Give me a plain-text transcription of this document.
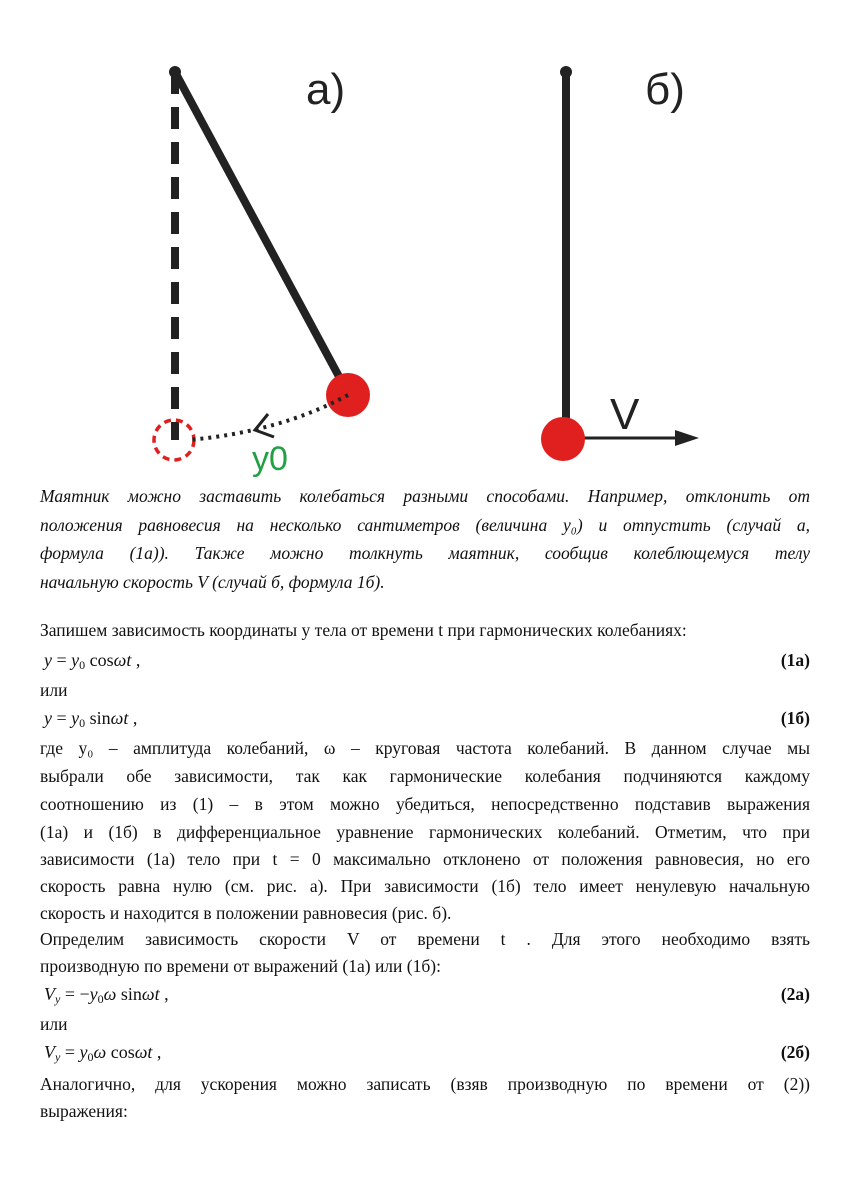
y0
а)
V
б)
Маятник можно заставить колебаться разными способами. Например, отклонить от
положения равновесия на несколько сантиметров (величина y₀) и отпустить (случай а,
формула (1а)). Также можно толкнуть маятник, сообщив колеблющемуся телу
начальную скорость V (случай б, формула 1б).
Запишем зависимость координаты y тела от времени t при гармонических колебаниях:
$y = y_0$ cosωt ,	(1а)
или
$y = y_0$ sinωt ,	(1б)
где y₀ – амплитуда колебаний, ω – круговая частота колебаний. В данном случае мы
выбрали обе зависимости, так как гармонические колебания подчиняются каждому
соотношению из (1) – в этом можно убедиться, непосредственно подставив выражения
(1а) и (1б) в дифференциальное уравнение гармонических колебаний. Отметим, что при
зависимости (1а) тело при t = 0 максимально отклонено от положения равновесия, но его
скорость равна нулю (см. рис. а). При зависимости (1б) тело имеет ненулевую начальную
скорость и находится в положении равновесия (рис. б).
Определим зависимость скорости V от времени t . Для этого необходимо взять
производную по времени от выражений (1а) или (1б):
$V_y = -y_0\omega$ sinωt ,	(2а)
или
$V_y = y_0\omega$ cosωt ,	(2б)
Аналогично, для ускорения можно записать (взяв производную по времени от (2))
выражения:
